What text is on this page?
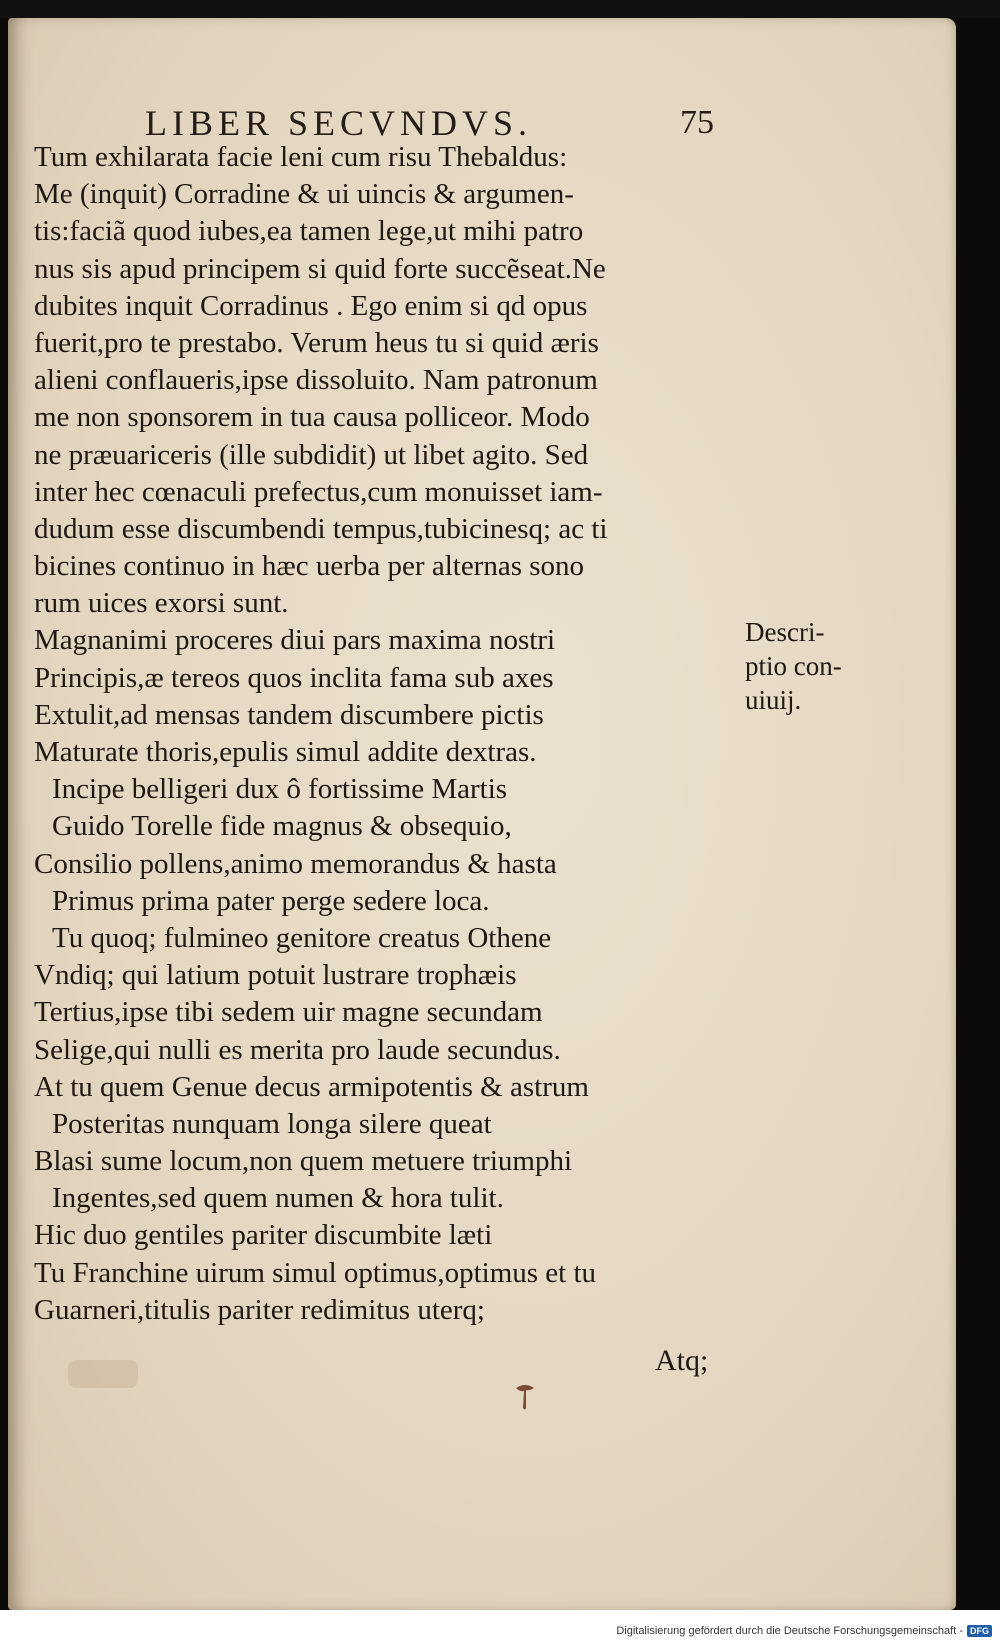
LIBER SECVNDVS.	75
Tum exhilarata facie leni cum risu Thebaldus:
Me (inquit) Corradine & ui uincis & argumen-
tis:faciã quod iubes,ea tamen lege,ut mihi patro
nus sis apud principem si quid forte succẽseat.Ne
dubites inquit Corradinus . Ego enim si qd opus
fuerit,pro te prestabo. Verum heus tu si quid æris
alieni conflaueris,ipse dissoluito. Nam patronum
me non sponsorem in tua causa polliceor. Modo
ne præuariceris (ille subdidit) ut libet agito. Sed
inter hec cœnaculi prefectus,cum monuisset iam-
dudum esse discumbendi tempus,tubicinesq; ac ti
bicines continuo in hæc uerba per alternas sono
rum uices exorsi sunt.
Magnanimi proceres diui pars maxima nostri
Principis,æ tereos quos inclita fama sub axes
Extulit,ad mensas tandem discumbere pictis
Maturate thoris,epulis simul addite dextras.
Incipe belligeri dux ô fortissime Martis
Guido Torelle fide magnus & obsequio,
Consilio pollens,animo memorandus & hasta
Primus prima pater perge sedere loca.
Tu quoq; fulmineo genitore creatus Othene
Vndiq; qui latium potuit lustrare trophæis
Tertius,ipse tibi sedem uir magne secundam
Selige,qui nulli es merita pro laude secundus.
At tu quem Genue decus armipotentis & astrum
Posteritas nunquam longa silere queat
Blasi sume locum,non quem metuere triumphi
Ingentes,sed quem numen & hora tulit.
Hic duo gentiles pariter discumbite læti
Tu Franchine uirum simul optimus,optimus et tu
Guarneri,titulis pariter redimitus uterq;
Descri-
ptio con-
uiuij.
Atq;
Digitalisierung gefördert durch die Deutsche Forschungsgemeinschaft - DFG
